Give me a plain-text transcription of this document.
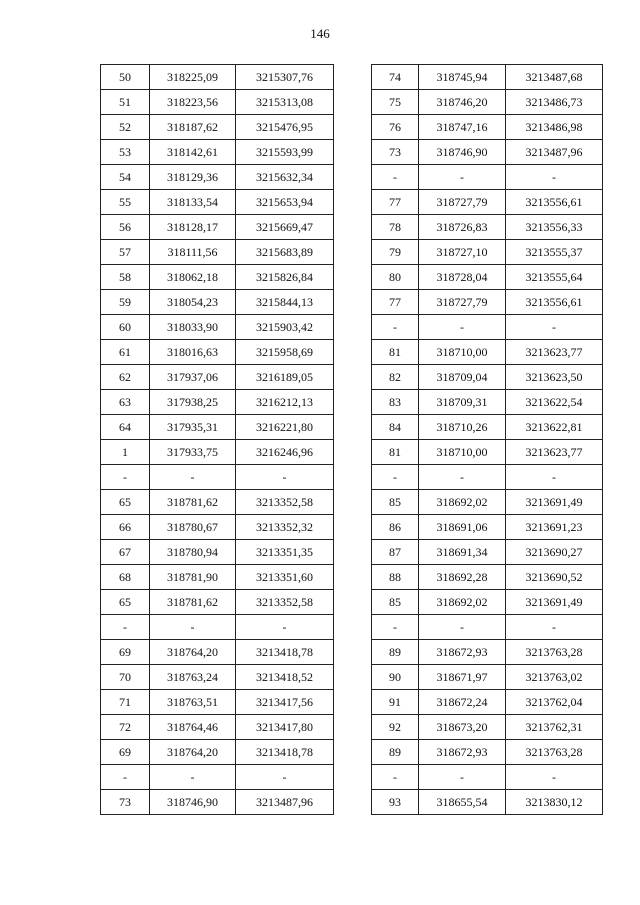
146
50	318225,09	3215307,76
51	318223,56	3215313,08
52	318187,62	3215476,95
53	318142,61	3215593,99
54	318129,36	3215632,34
55	318133,54	3215653,94
56	318128,17	3215669,47
57	318111,56	3215683,89
58	318062,18	3215826,84
59	318054,23	3215844,13
60	318033,90	3215903,42
61	318016,63	3215958,69
62	317937,06	3216189,05
63	317938,25	3216212,13
64	317935,31	3216221,80
1	317933,75	3216246,96
-	-	-
65	318781,62	3213352,58
66	318780,67	3213352,32
67	318780,94	3213351,35
68	318781,90	3213351,60
65	318781,62	3213352,58
-	-	-
69	318764,20	3213418,78
70	318763,24	3213418,52
71	318763,51	3213417,56
72	318764,46	3213417,80
69	318764,20	3213418,78
-	-	-
73	318746,90	3213487,96
74	318745,94	3213487,68
75	318746,20	3213486,73
76	318747,16	3213486,98
73	318746,90	3213487,96
-	-	-
77	318727,79	3213556,61
78	318726,83	3213556,33
79	318727,10	3213555,37
80	318728,04	3213555,64
77	318727,79	3213556,61
-	-	-
81	318710,00	3213623,77
82	318709,04	3213623,50
83	318709,31	3213622,54
84	318710,26	3213622,81
81	318710,00	3213623,77
-	-	-
85	318692,02	3213691,49
86	318691,06	3213691,23
87	318691,34	3213690,27
88	318692,28	3213690,52
85	318692,02	3213691,49
-	-	-
89	318672,93	3213763,28
90	318671,97	3213763,02
91	318672,24	3213762,04
92	318673,20	3213762,31
89	318672,93	3213763,28
-	-	-
93	318655,54	3213830,12
